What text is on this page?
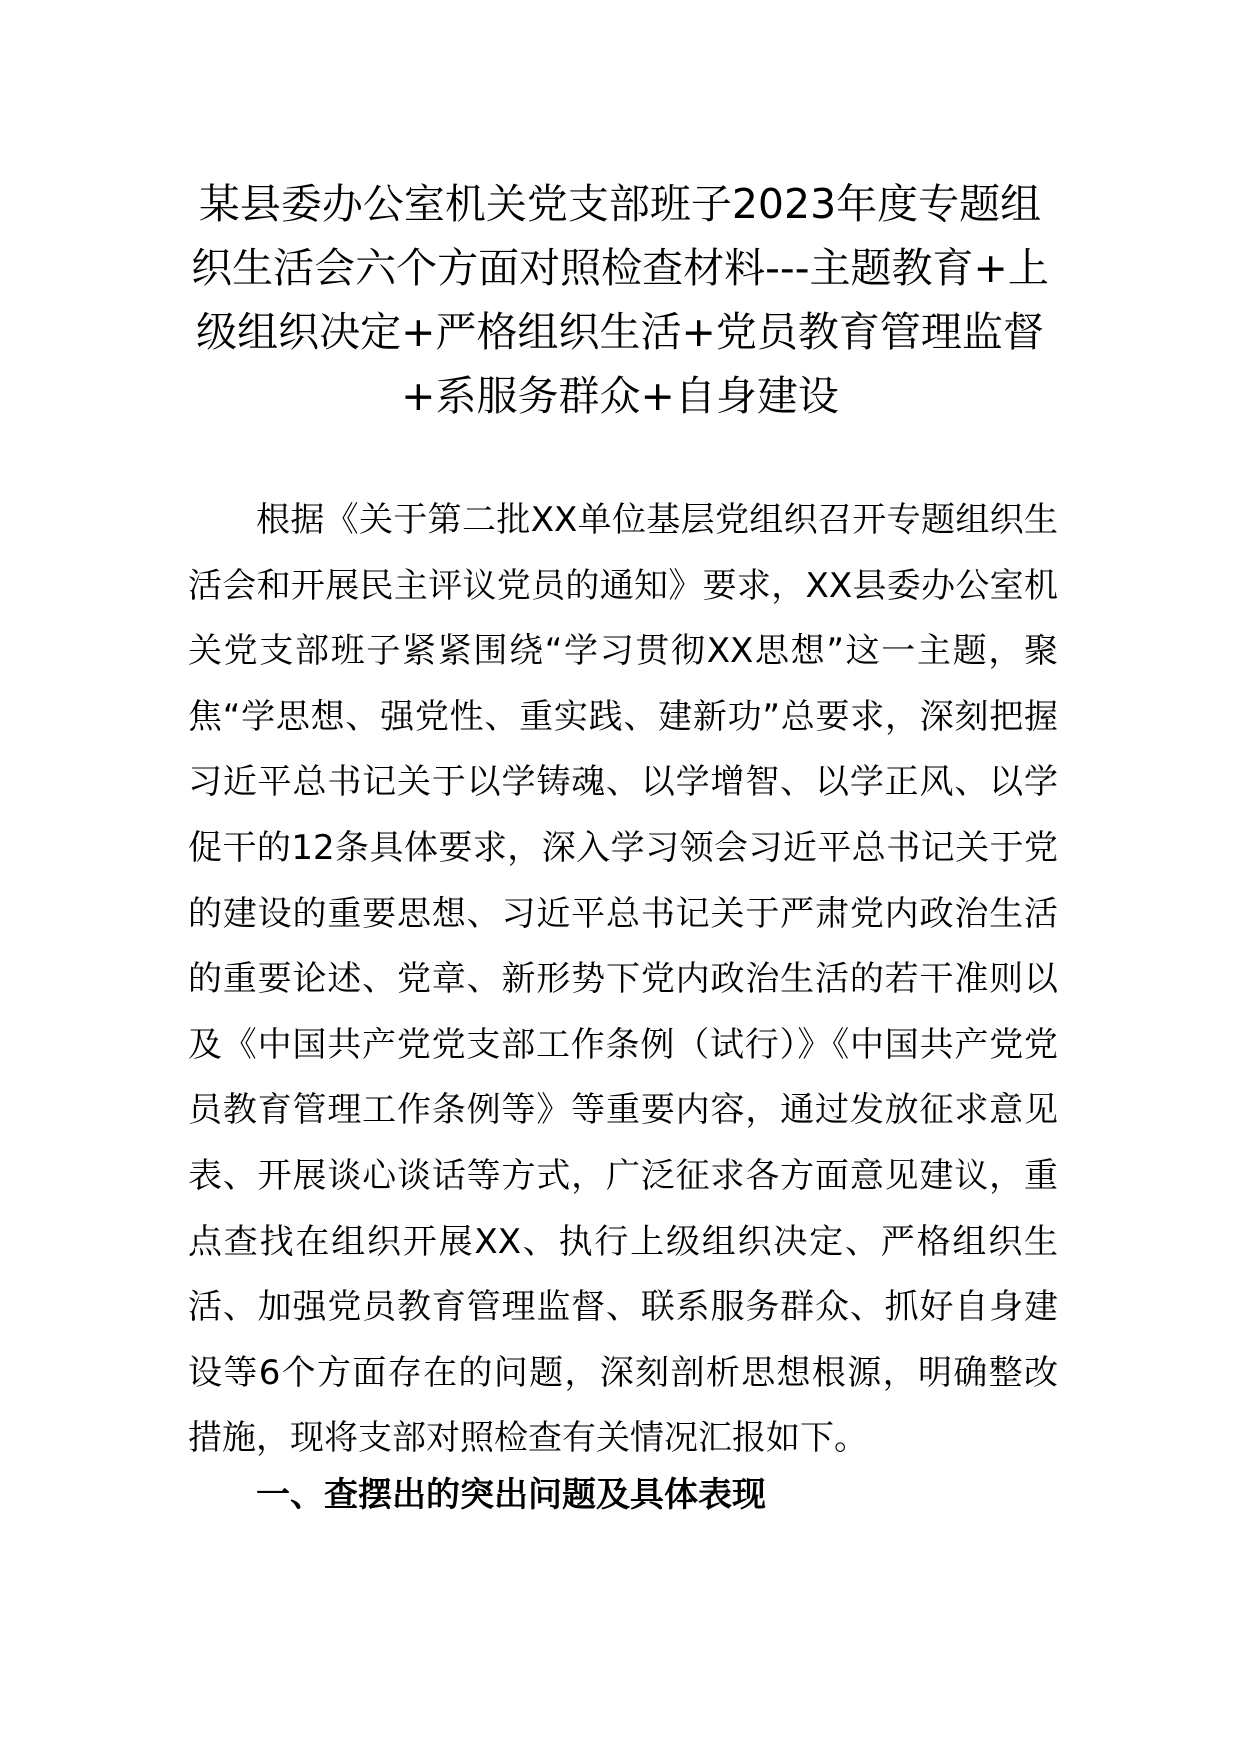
某县委办公室机关党支部班子2023年度专题组织生活会六个方面对照检查材料---主题教育+上级组织决定+严格组织生活+党员教育管理监督+系服务群众+自身建设

根据《关于第二批XX单位基层党组织召开专题组织生活会和开展民主评议党员的通知》要求，XX县委办公室机关党支部班子紧紧围绕“学习贯彻XX思想”这一主题，聚焦“学思想、强党性、重实践、建新功”总要求，深刻把握习近平总书记关于以学铸魂、以学增智、以学正风、以学促干的12条具体要求，深入学习领会习近平总书记关于党的建设的重要思想、习近平总书记关于严肃党内政治生活的重要论述、党章、新形势下党内政治生活的若干准则以及《中国共产党党支部工作条例（试行）》《中国共产党党员教育管理工作条例等》等重要内容，通过发放征求意见表、开展谈心谈话等方式，广泛征求各方面意见建议，重点查找在组织开展XX、执行上级组织决定、严格组织生活、加强党员教育管理监督、联系服务群众、抓好自身建设等6个方面存在的问题，深刻剖析思想根源，明确整改措施，现将支部对照检查有关情况汇报如下。

一、查摆出的突出问题及具体表现
